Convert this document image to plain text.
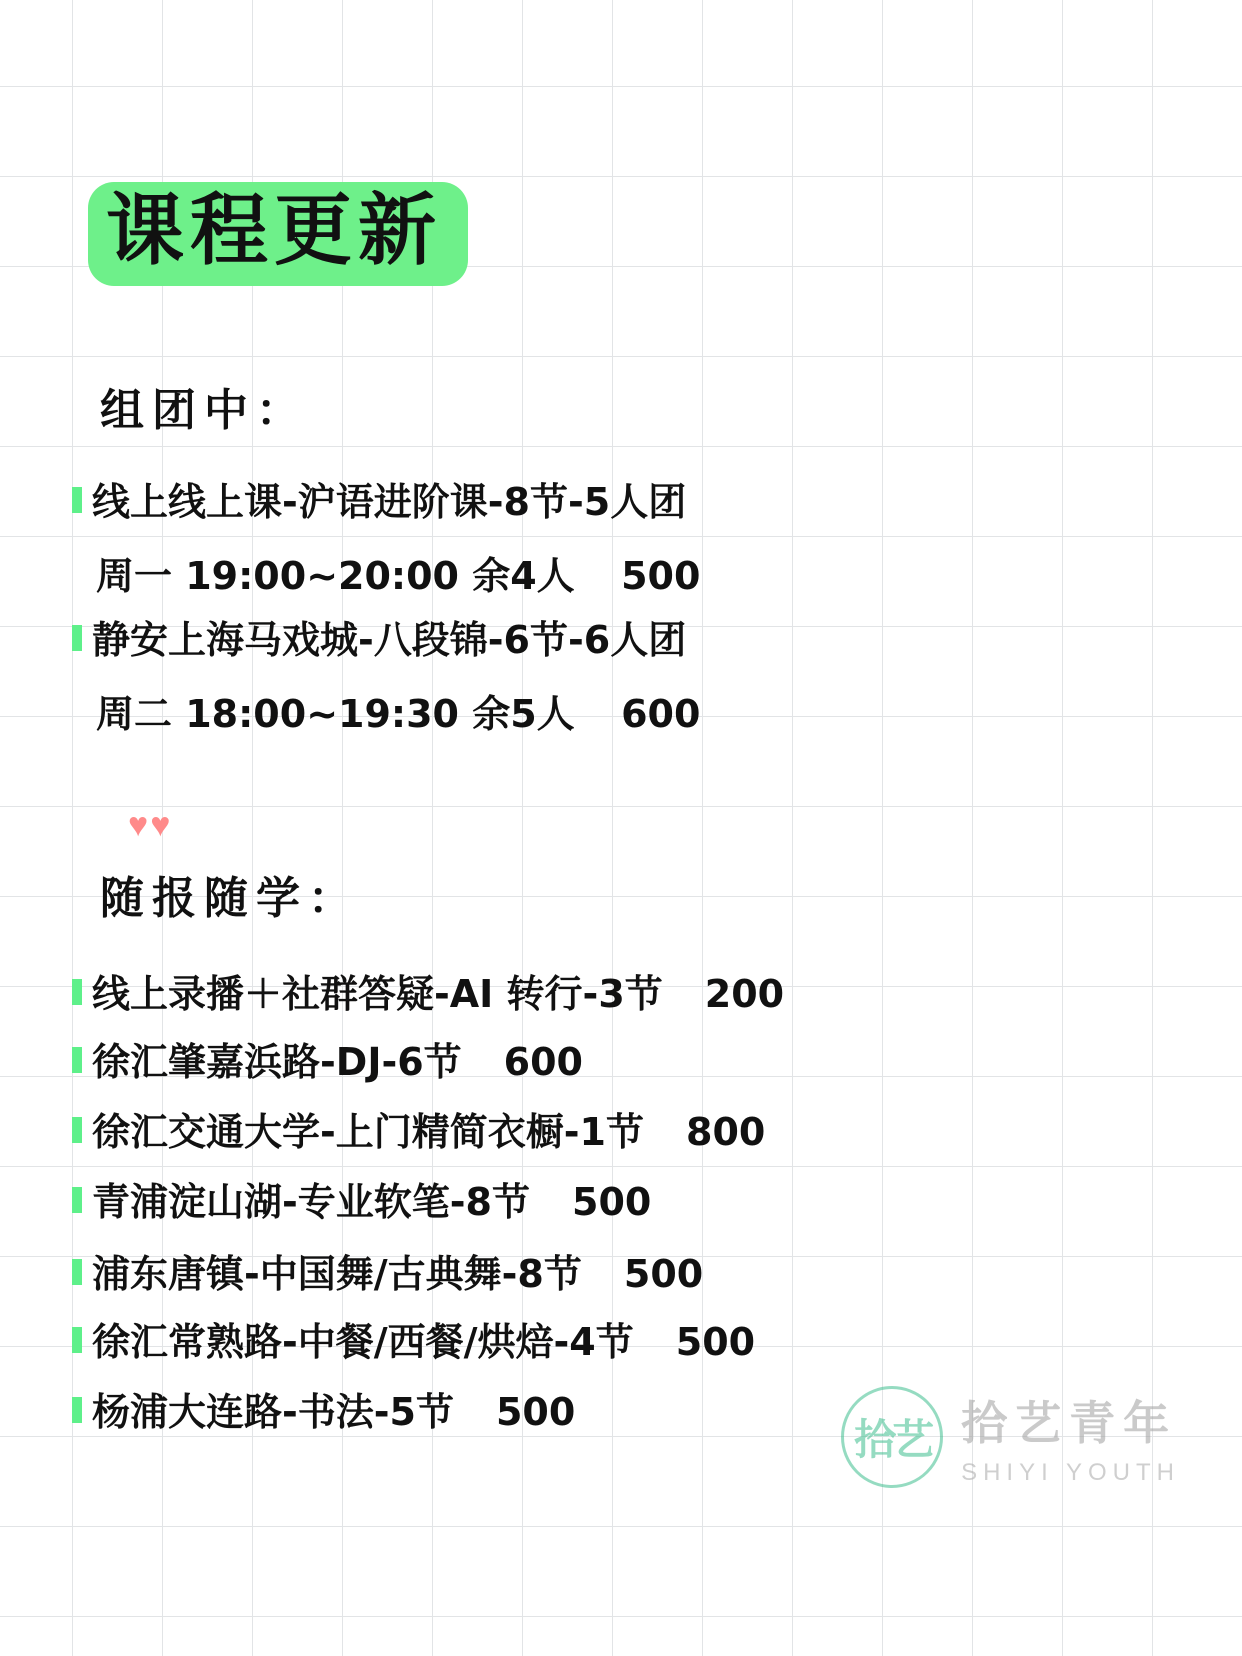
课程更新
组团中：
线上线上课-沪语进阶课-8节-5人团
周一 19:00~20:00 余4人 500
静安上海马戏城-八段锦-6节-6人团
周二 18:00~19:30 余5人 600
♥♥
随报随学：
线上录播＋社群答疑-AI 转行-3节 200
徐汇肇嘉浜路-DJ-6节 600
徐汇交通大学-上门精简衣橱-1节 800
青浦淀山湖-专业软笔-8节 500
浦东唐镇-中国舞/古典舞-8节 500
徐汇常熟路-中餐/西餐/烘焙-4节 500
杨浦大连路-书法-5节 500
拾艺 拾艺青年
SHIYI YOUTH
